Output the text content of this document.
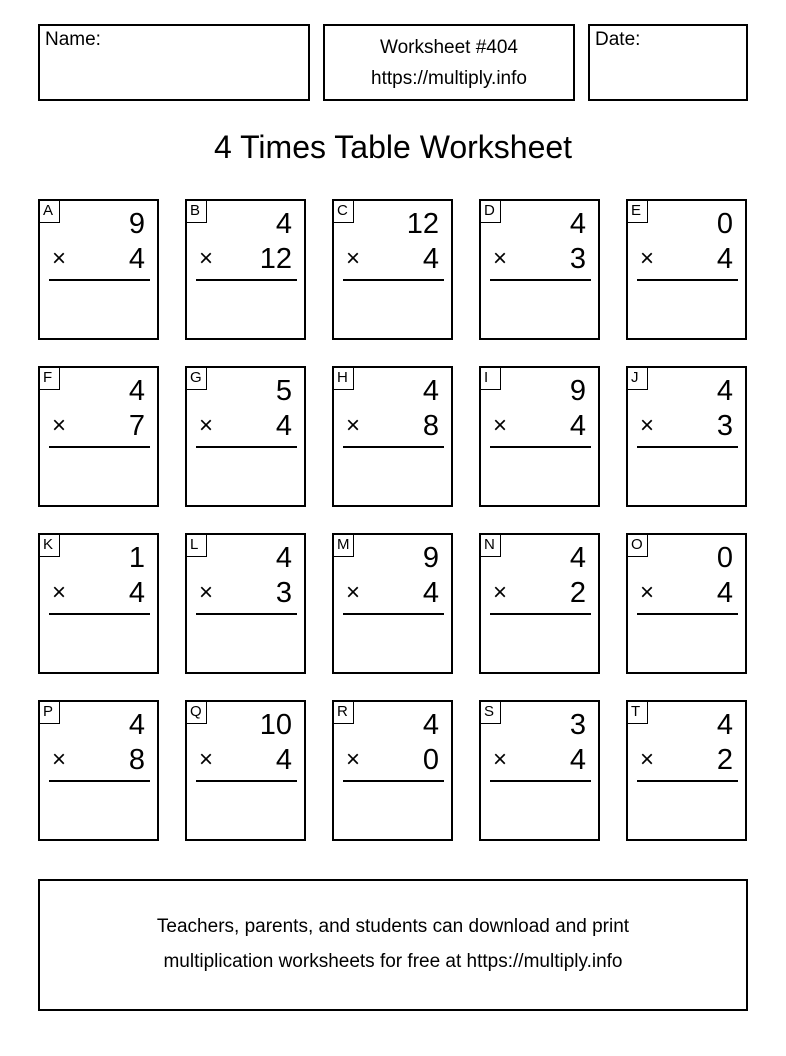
Name:	Worksheet #404
https://multiply.info
Date:
4 Times Table Worksheet
A	9
× 4
B	4
× 12
C 12
× 4
D	4
× 3
E	0
× 4
F	4
× 7
G	5
× 4
H	4
× 8
I	9
× 4
J	4
× 3
K	1
× 4
L	4
× 3
M	9
× 4
N	4
× 2
O	0
× 4
P	4
× 8
Q 10
× 4
R	4
× 0
S	3
× 4
T	4
× 2
Teachers, parents, and students can download and print
multiplication worksheets for free at https://multiply.info
